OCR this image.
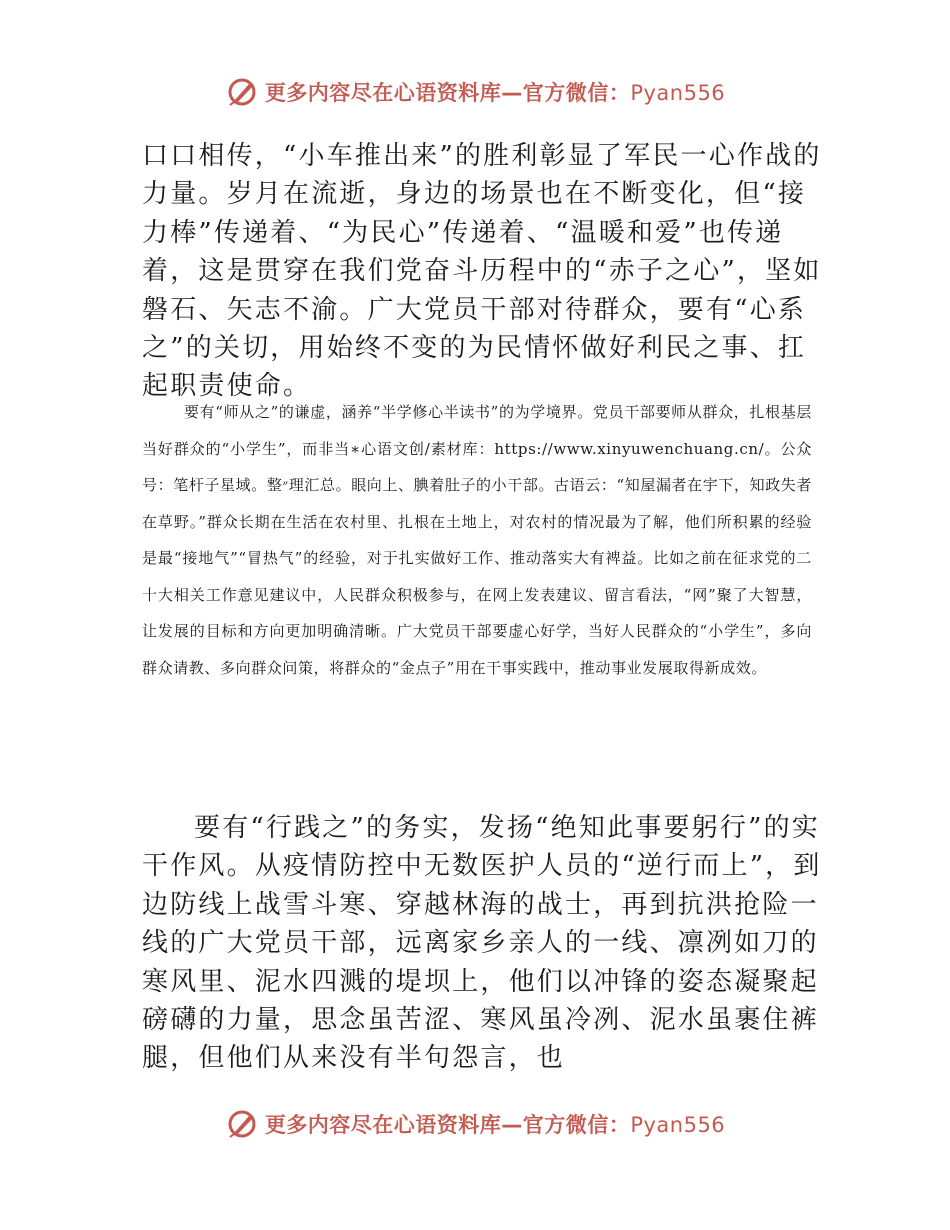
更多内容尽在心语资料库—官方微信：Pyan556

口口相传，“小车推出来”的胜利彰显了军民一心作战的力量。岁月在流逝，身边的场景也在不断变化，但“接力棒”传递着、“为民心”传递着、“温暖和爱”也传递着，这是贯穿在我们党奋斗历程中的“赤子之心”，坚如磐石、矢志不渝。广大党员干部对待群众，要有“心系之”的关切，用始终不变的为民情怀做好利民之事、扛起职责使命。

要有“师从之”的谦虚，涵养“半学修心半读书”的为学境界。党员干部要师从群众，扎根基层当好群众的“小学生”，而非当∗心语文创/素材库：https://www.xinyuwenchuang.cn/。公众号：笔杆子星域。整״理汇总。眼向上、腆着肚子的小干部。古语云：“知屋漏者在宇下，知政失者在草野。”群众长期在生活在农村里、扎根在土地上，对农村的情况最为了解，他们所积累的经验是最“接地气”“冒热气”的经验，对于扎实做好工作、推动落实大有裨益。比如之前在征求党的二十大相关工作意见建议中，人民群众积极参与，在网上发表建议、留言看法，“网”聚了大智慧，让发展的目标和方向更加明确清晰。广大党员干部要虚心好学，当好人民群众的“小学生”，多向群众请教、多向群众问策，将群众的“金点子”用在干事实践中，推动事业发展取得新成效。

要有“行践之”的务实，发扬“绝知此事要躬行”的实干作风。从疫情防控中无数医护人员的“逆行而上”，到边防线上战雪斗寒、穿越林海的战士，再到抗洪抢险一线的广大党员干部，远离家乡亲人的一线、凛冽如刀的寒风里、泥水四溅的堤坝上，他们以冲锋的姿态凝聚起磅礴的力量，思念虽苦涩、寒风虽冷冽、泥水虽裹住裤腿，但他们从来没有半句怨言，也

更多内容尽在心语资料库—官方微信：Pyan556
